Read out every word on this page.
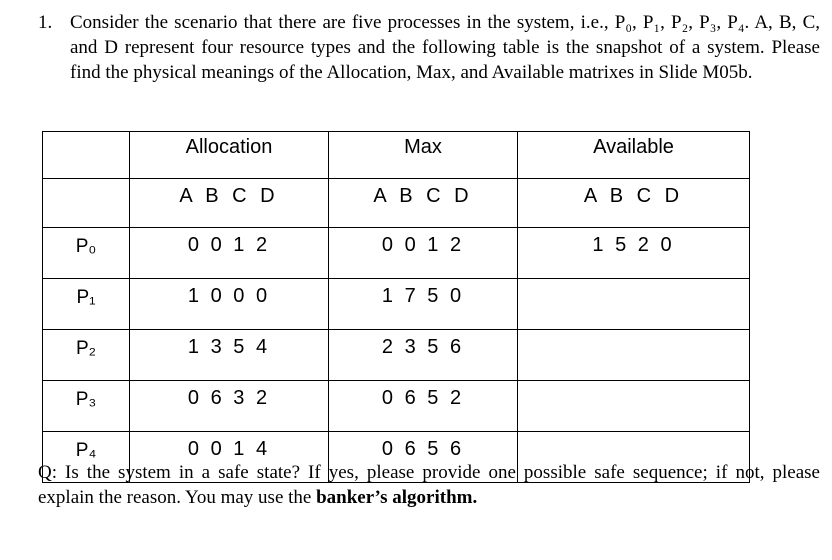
1. Consider the scenario that there are five processes in the system, i.e., P₀, P₁, P₂, P₃, P₄. A, B, C, and D represent four resource types and the following table is the snapshot of a system. Please find the physical meanings of the Allocation, Max, and Available matrixes in Slide M05b.
	Allocation	Max	Available
	A B C D	A B C D	A B C D
P₀	0 0 1 2	0 0 1 2	1 5 2 0
P₁	1 0 0 0	1 7 5 0	
P₂	1 3 5 4	2 3 5 6	
P₃	0 6 3 2	0 6 5 2	
P₄	0 0 1 4	0 6 5 6	
Q: Is the system in a safe state? If yes, please provide one possible safe sequence; if not, please explain the reason. You may use the banker’s algorithm.
